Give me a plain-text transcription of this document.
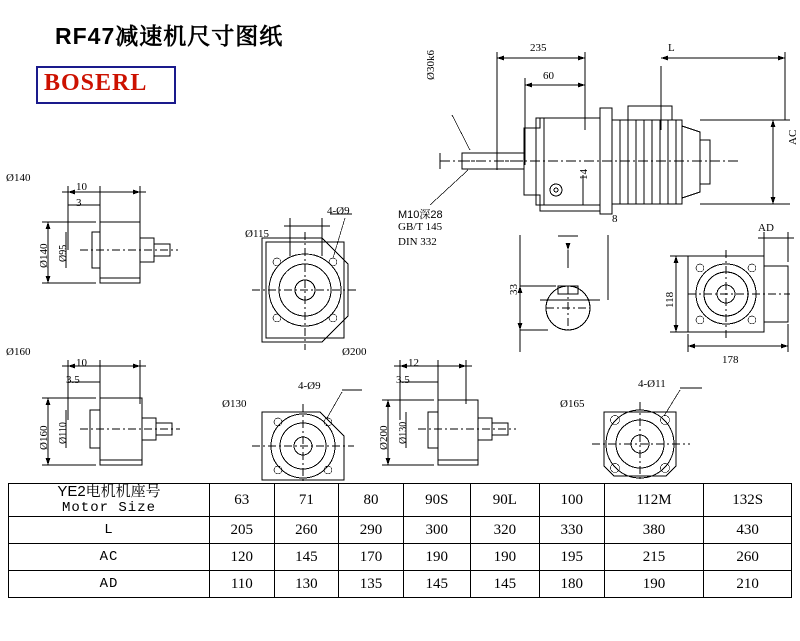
RF47减速机尺寸图纸
BOSERL
235	L
60
Ø30k6
AC
14
M10深28
GB/T 145
DIN 332
8
33
AD
118
178
Ø140
10
3
Ø140 Ø95
Ø115
4-Ø9
Ø160
10
3.5
Ø160 Ø110
Ø130
4-Ø9
Ø200
12
3.5
Ø200 Ø130
Ø165
4-Ø11
YE2电机机座号
Motor Size	63	71	80	90S	90L	100	112M	132S
L	205	260	290	300	320	330	380	430
AC	120	145	170	190	190	195	215	260
AD	110	130	135	145	145	180	190	210
